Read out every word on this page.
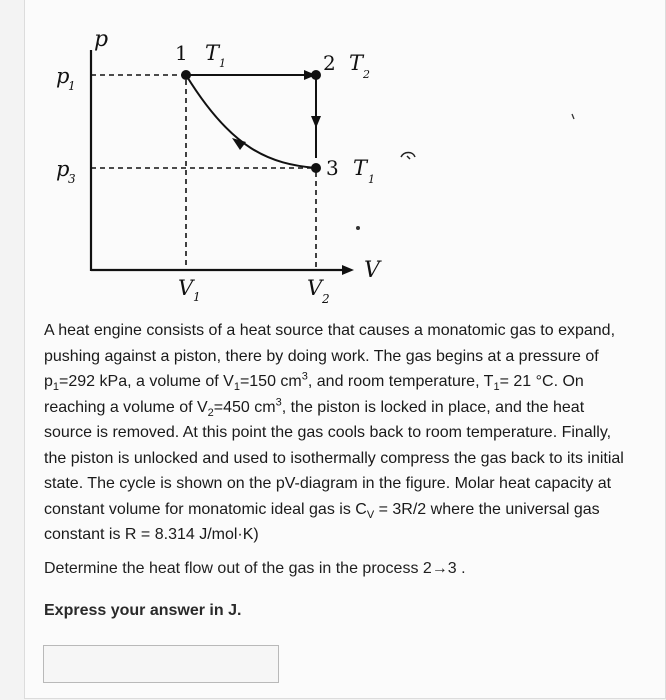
p
V
p
1
p
3
V 1	V 2
1 T 1	2 T 2
3 T 1

A heat engine consists of a heat source that causes a monatomic gas to expand, pushing against a piston, there by doing work. The gas begins at a pressure of $p_1=292$ kPa, a volume of $V_1=150$ $cm^3$, and room temperature, $T_1= 21$ °C. On reaching a volume of $V_2=450$ $cm^3$, the piston is locked in place, and the heat source is removed. At this point the gas cools back to room temperature. Finally, the piston is unlocked and used to isothermally compress the gas back to its initial state. The cycle is shown on the pV-diagram in the figure. Molar heat capacity at constant volume for monatomic ideal gas is $C_V = 3R/2$ where the universal gas constant is R = 8.314 J/mol·K)

Determine the heat flow out of the gas in the process 2→3 .
Express your answer in J.
